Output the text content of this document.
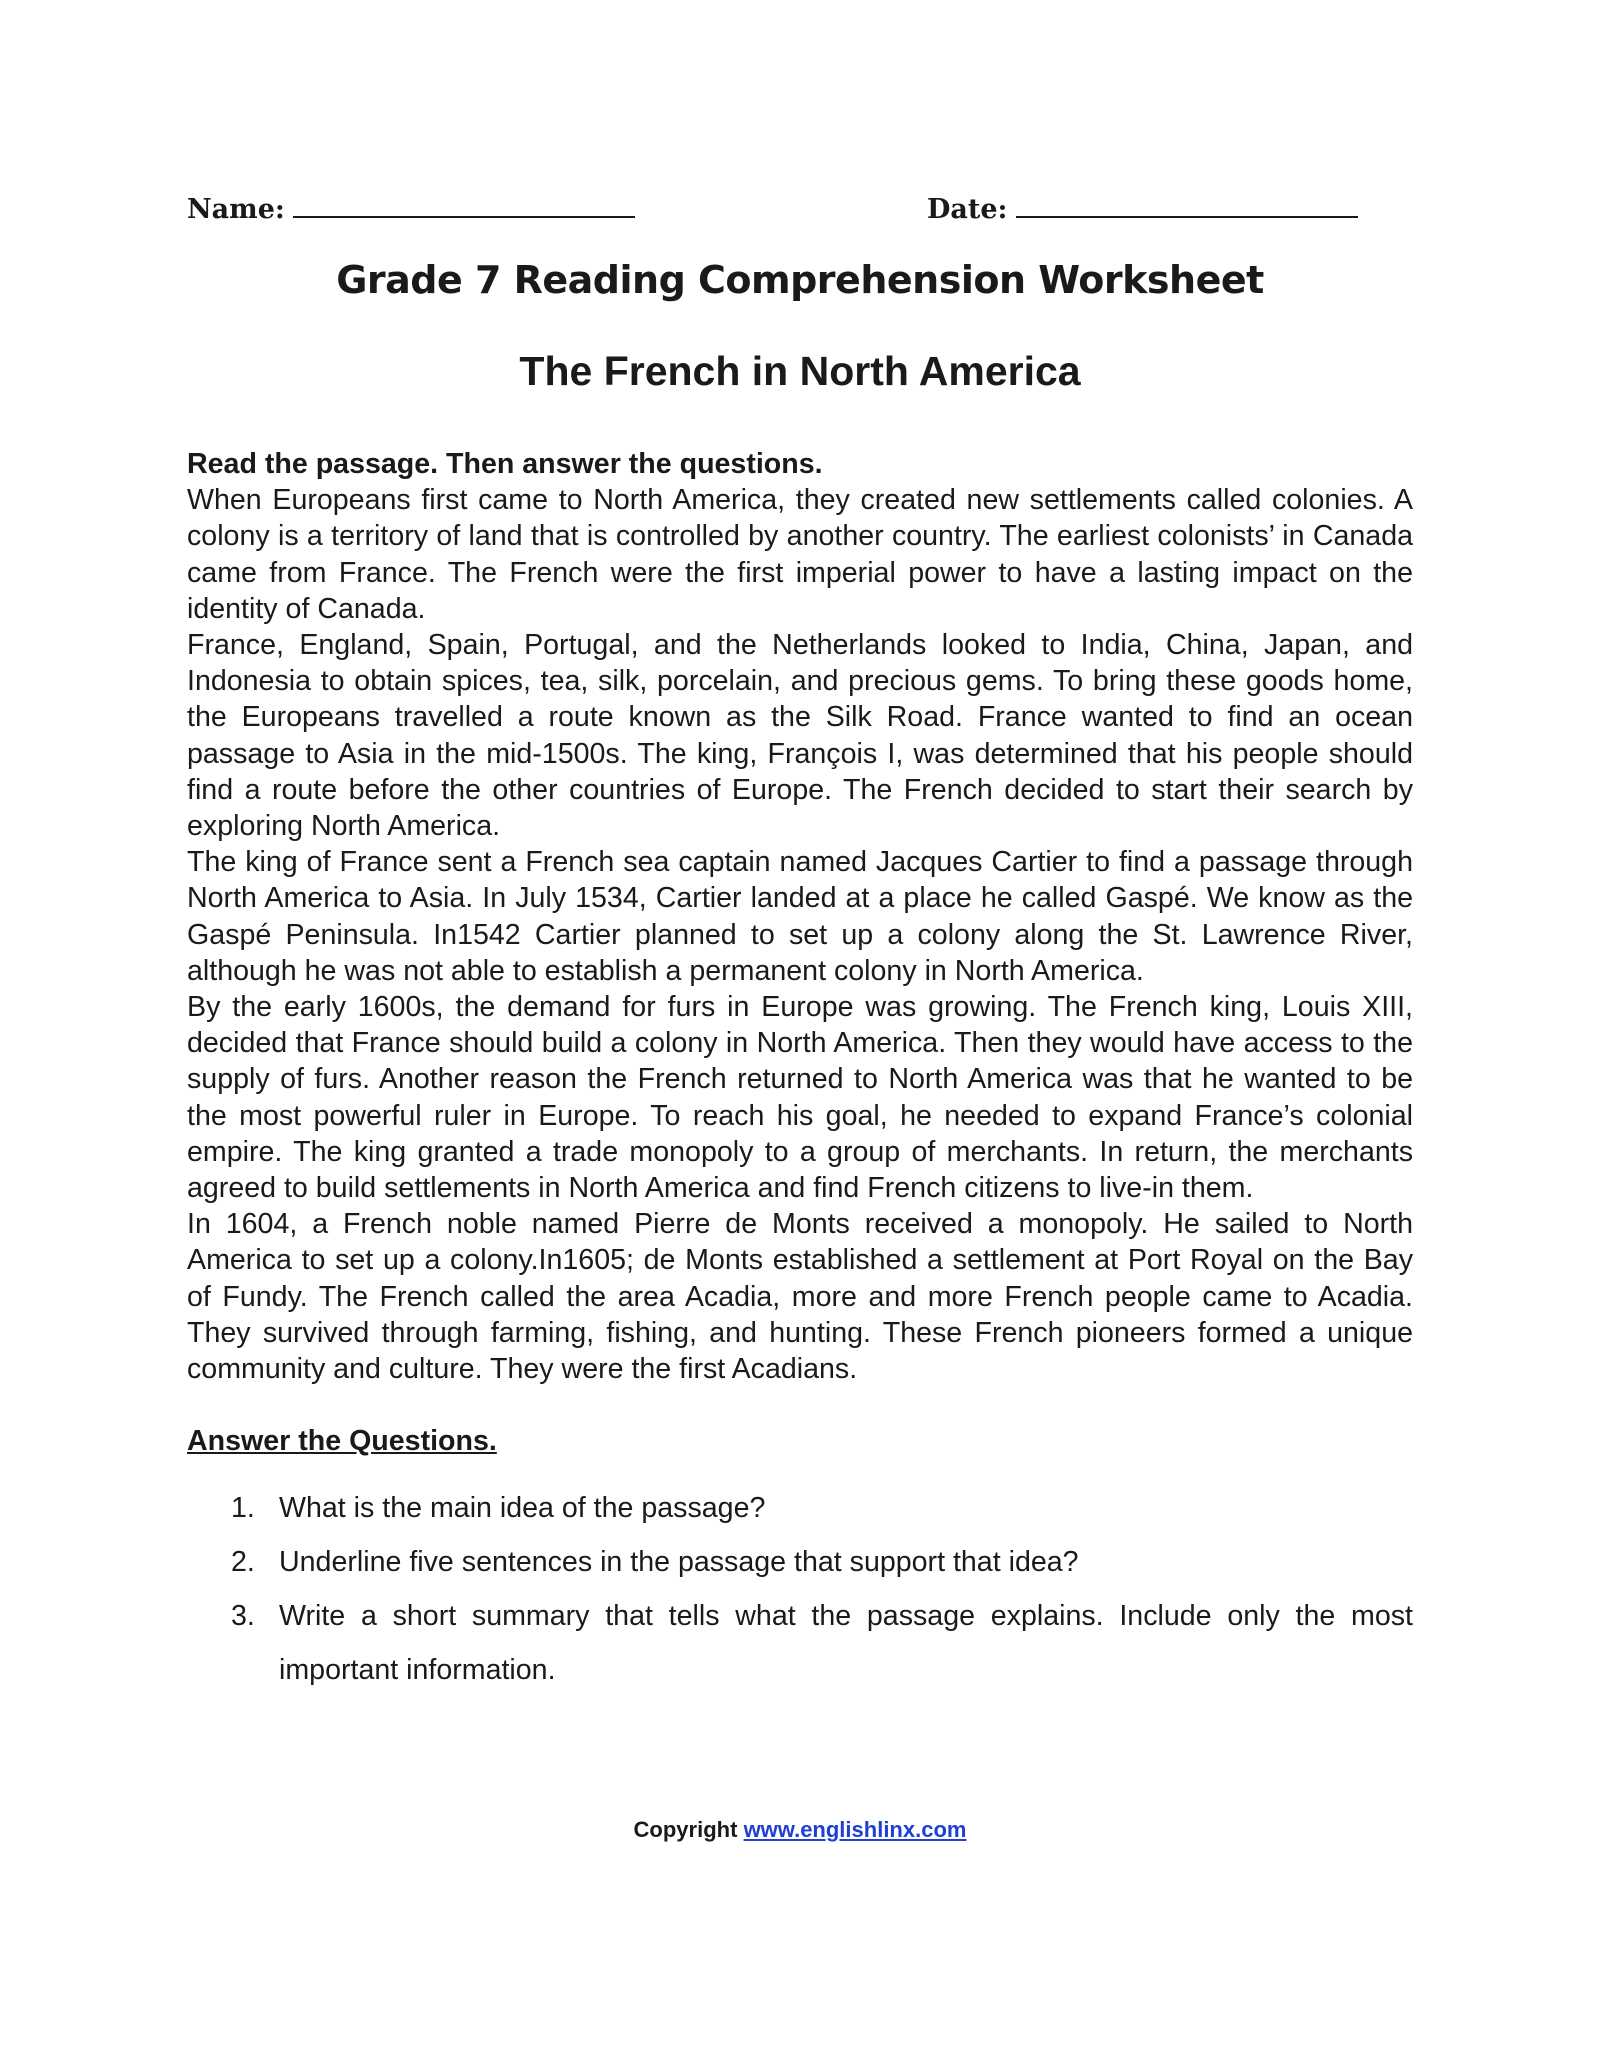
Name:	Date:
Grade 7 Reading Comprehension Worksheet
The French in North America

Read the passage. Then answer the questions.

When Europeans first came to North America, they created new settlements called colonies. A colony is a territory of land that is controlled by another country. The earliest colonists’ in Canada came from France. The French were the first imperial power to have a lasting impact on the identity of Canada.

France, England, Spain, Portugal, and the Netherlands looked to India, China, Japan, and Indonesia to obtain spices, tea, silk, porcelain, and precious gems. To bring these goods home, the Europeans travelled a route known as the Silk Road. France wanted to find an ocean passage to Asia in the mid-1500s. The king, François I, was determined that his people should find a route before the other countries of Europe. The French decided to start their search by exploring North America.

The king of France sent a French sea captain named Jacques Cartier to find a passage through North America to Asia. In July 1534, Cartier landed at a place he called Gaspé. We know as the Gaspé Peninsula. In1542 Cartier planned to set up a colony along the St. Lawrence River, although he was not able to establish a permanent colony in North America.

By the early 1600s, the demand for furs in Europe was growing. The French king, Louis XIII, decided that France should build a colony in North America. Then they would have access to the supply of furs. Another reason the French returned to North America was that he wanted to be the most powerful ruler in Europe. To reach his goal, he needed to expand France’s colonial empire. The king granted a trade monopoly to a group of merchants. In return, the merchants agreed to build settlements in North America and find French citizens to live-in them.

In 1604, a French noble named Pierre de Monts received a monopoly. He sailed to North America to set up a colony.In1605; de Monts established a settlement at Port Royal on the Bay of Fundy. The French called the area Acadia, more and more French people came to Acadia. They survived through farming, fishing, and hunting. These French pioneers formed a unique community and culture. They were the first Acadians.

Answer the Questions.

1. What is the main idea of the passage?
2. Underline five sentences in the passage that support that idea?
3. Write a short summary that tells what the passage explains. Include only the most important information.
Copyright www.englishlinx.com
